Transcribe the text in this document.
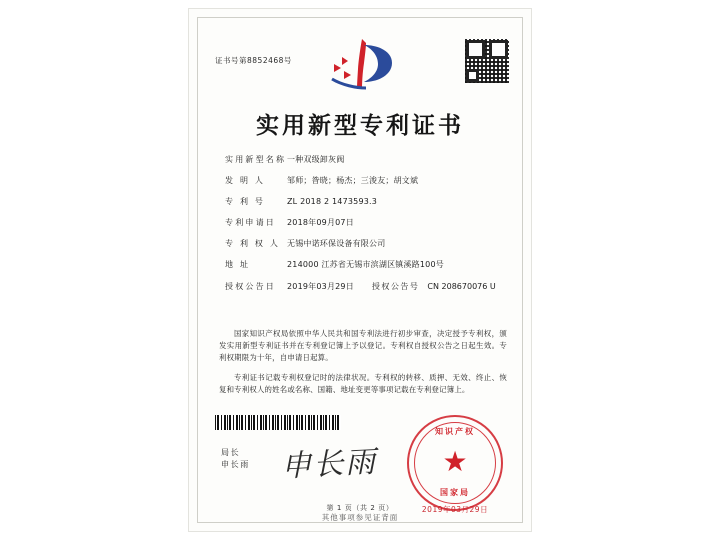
证书号第8852468号
实用新型专利证书
实用新型名称 一种双级卸灰阀
发 明 人	邹师；昝晓；杨杰；三浚友；胡文斌
专 利 号	ZL 2018 2 1473593.3
专利申请日	2018年09月07日
专 利 权 人 无锡中诺环保设备有限公司
地 址	214000 江苏省无锡市滨湖区镇溪路100号
授权公告日	2019年03月29日 授权公告号 CN 208670076 U

国家知识产权局依照中华人民共和国专利法进行初步审查，决定授予专利权，颁发实用新型专利证书并在专利登记簿上予以登记。专利权自授权公告之日起生效。专利权期限为十年，自申请日起算。

专利证书记载专利权登记时的法律状况。专利权的转移、质押、无效、终止、恢复和专利权人的姓名或名称、国籍、地址变更等事项记载在专利登记簿上。

局长
申长雨 申长雨
知识产权
★
国家局
2019年03月29日
第 1 页（共 2 页）
其他事项参见证背面
